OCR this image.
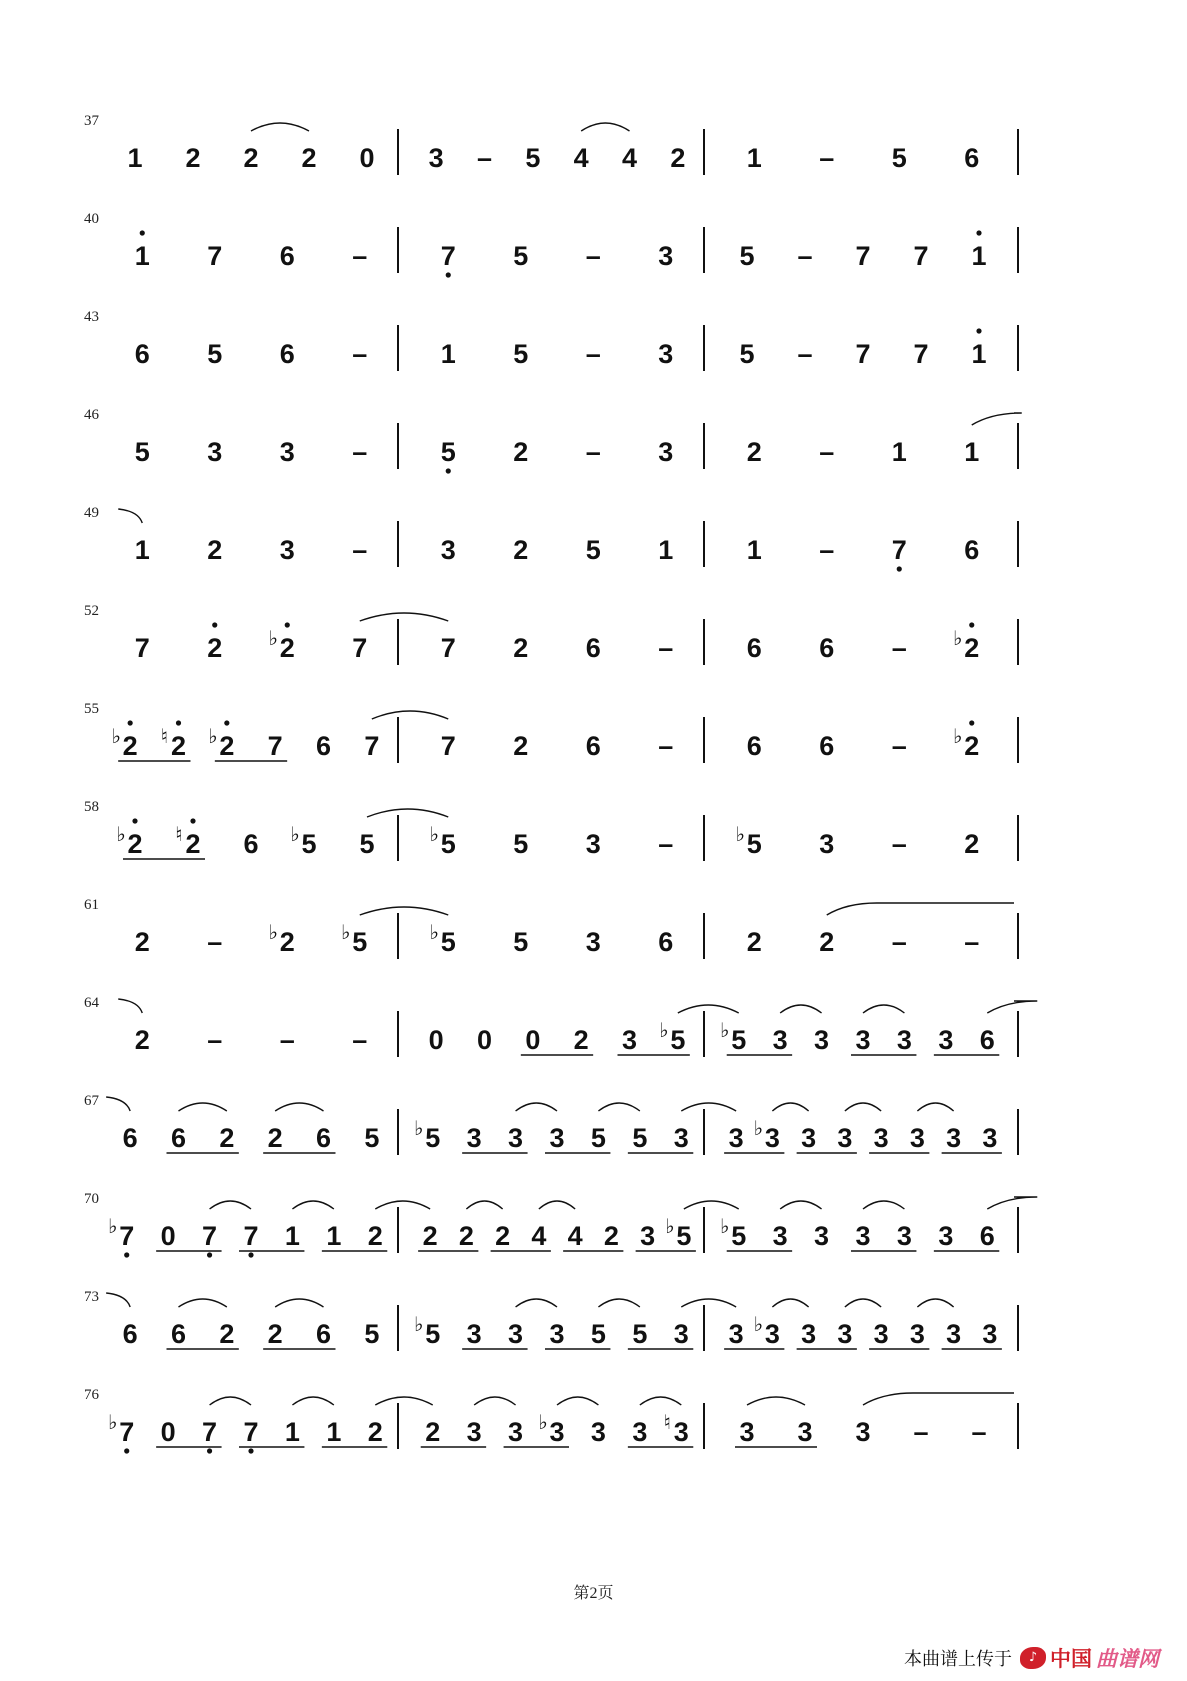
37
1 2 2 2 0 3 – 5 4 4 2 1 – 5 6
40
1 7 6 –	7 5 – 3 5 – 7 7 1
43
6 5 6 –	1 5 – 3 5 – 7 7 1
46
5 3 3 –	5 2 – 3	2 – 1 1
49
1 2 3 –	3 2 5 1	1 – 7 6
52
7 2 2
♭	7	7 2 6 –	6 6 – 2
♭
55
2
♭ 2
♮ 2
♭ 7 6 7 7 2 6 –	6 6 – 2
♭
58
2
♭ 2
♮ 6 5
♭ 5 5
♭	5 3 –	5
♭	3 – 2
61
2 – 2
♭	5
♭	5
♭	5 3 6	2 2 – –
64
2 – – – 0 0 0 2 3 5
♭ 5
♭ 3 3 3 3 3 6
67
6 6 2 2 6 5 5
♭ 3 3 3 5 5 3 3 3
♭ 3 3 3 3 3 3
70
7
♭ 0 7 7 1 1 2 2 2 2 4 4 2 3 5
♭ 5
♭ 3 3 3 3 3 6
73
6 6 2 2 6 5 5
♭ 3 3 3 5 5 3 3 3
♭ 3 3 3 3 3 3
76
7
♭ 0 7 7 1 1 2 2 3 3 3
♭ 3 3 3
♮	3 3 3 – –
第2页
本曲谱上传于	♪ 中国 曲谱网
